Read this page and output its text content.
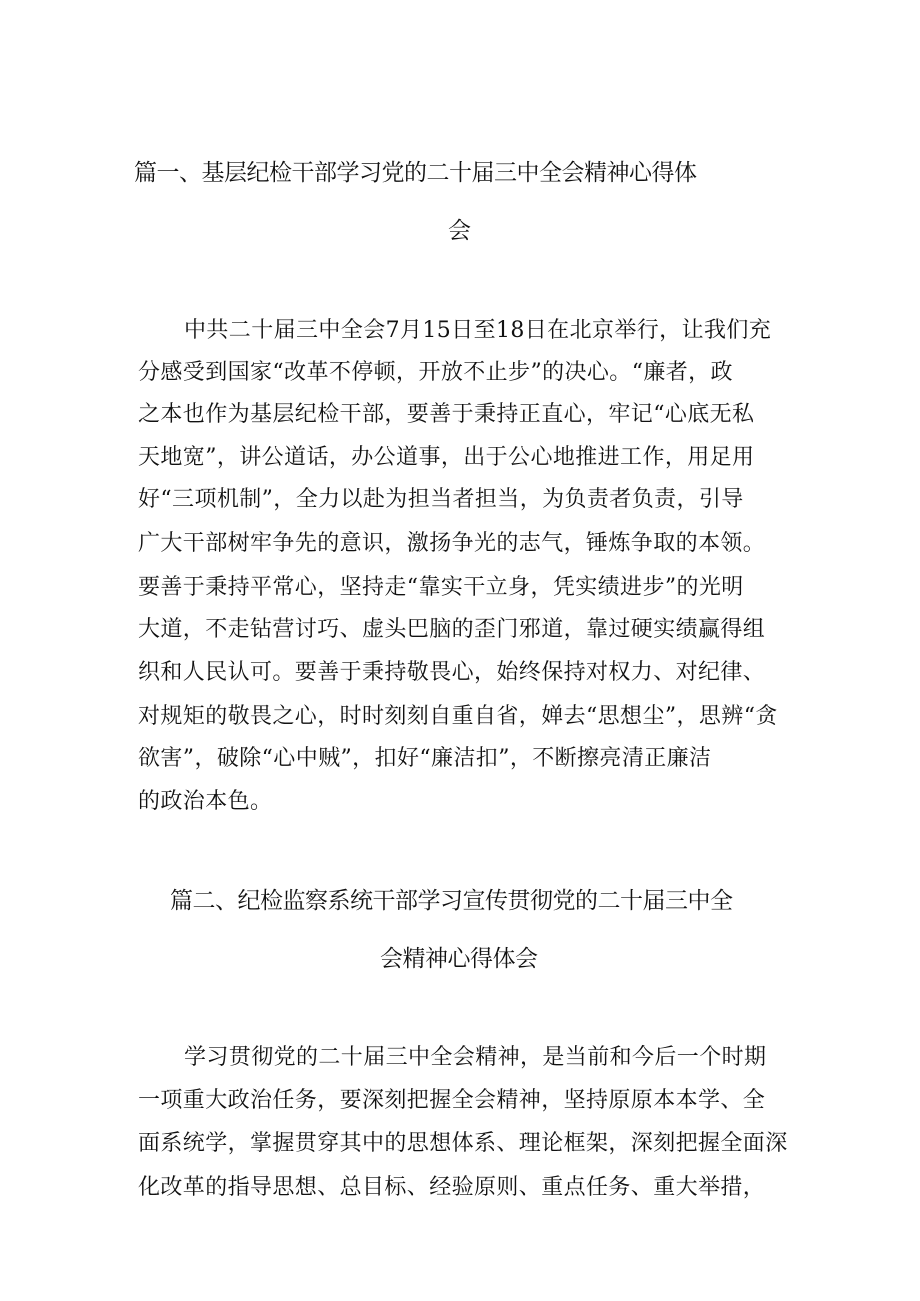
篇一、基层纪检干部学习党的二十届三中全会精神心得体
会
中共二十届三中全会7月15日至18日在北京举行，让我们充
分感受到国家“改革不停顿，开放不止步”的决心。“廉者，政
之本也作为基层纪检干部，要善于秉持正直心，牢记“心底无私
天地宽”，讲公道话，办公道事，出于公心地推进工作，用足用
好“三项机制”，全力以赴为担当者担当，为负责者负责，引导
广大干部树牢争先的意识，激扬争光的志气，锤炼争取的本领。
要善于秉持平常心，坚持走“靠实干立身，凭实绩进步”的光明
大道，不走钻营讨巧、虚头巴脑的歪门邪道，靠过硬实绩赢得组
织和人民认可。要善于秉持敬畏心，始终保持对权力、对纪律、
对规矩的敬畏之心，时时刻刻自重自省，婵去“思想尘”，思辨“贪
欲害”，破除“心中贼”，扣好“廉洁扣”，不断擦亮清正廉洁
的政治本色。
篇二、纪检监察系统干部学习宣传贯彻党的二十届三中全
会精神心得体会
学习贯彻党的二十届三中全会精神，是当前和今后一个时期
一项重大政治任务，要深刻把握全会精神，坚持原原本本学、全
面系统学，掌握贯穿其中的思想体系、理论框架，深刻把握全面深
化改革的指导思想、总目标、经验原则、重点任务、重大举措，
